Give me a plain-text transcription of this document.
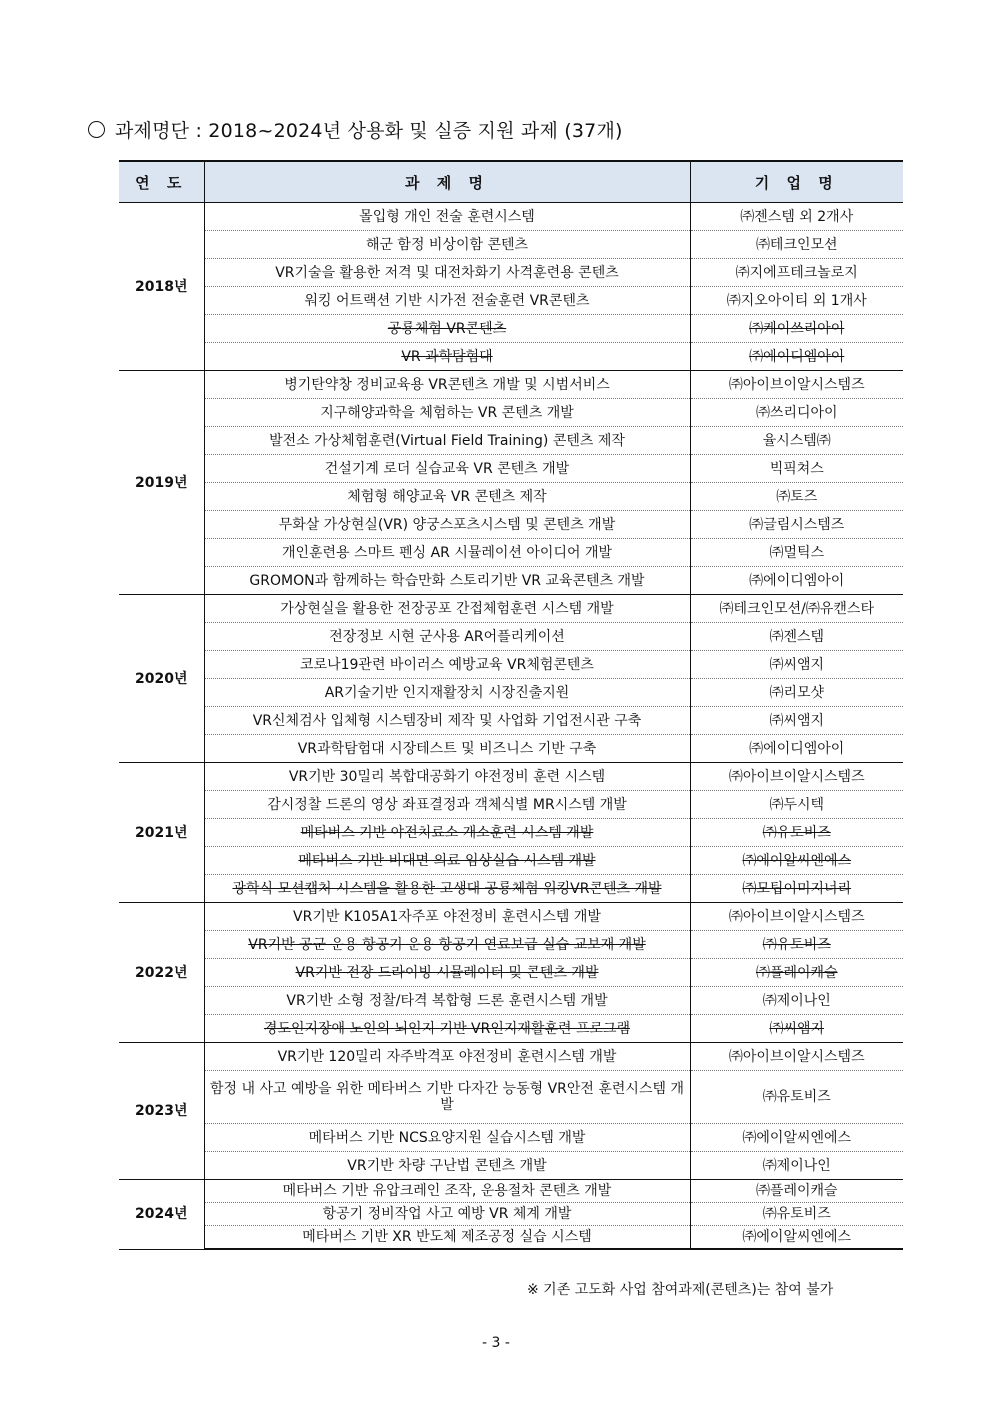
과제명단 : 2018~2024년 상용화 및 실증 지원 과제 (37개)
연 도	과 제 명	기 업 명
2018년	몰입형 개인 전술 훈련시스템	㈜젠스템 외 2개사
	해군 함정 비상이함 콘텐츠	㈜테크인모션
	VR기술을 활용한 저격 및 대전차화기 사격훈련용 콘텐츠	㈜지에프테크놀로지
	워킹 어트랙션 기반 시가전 전술훈련 VR콘텐츠	㈜지오아이티 외 1개사
	공룡체험 VR콘텐츠	㈜케이쓰리아이
	VR 과학탐험대	㈜에이디엠아이
2019년	병기탄약창 정비교육용 VR콘텐츠 개발 및 시범서비스	㈜아이브이알시스템즈
	지구해양과학을 체험하는 VR 콘텐츠 개발	㈜쓰리디아이
	발전소 가상체험훈련(Virtual Field Training) 콘텐츠 제작	율시스템㈜
	건설기계 로더 실습교육 VR 콘텐츠 개발	빅픽쳐스
	체험형 해양교육 VR 콘텐츠 제작	㈜토즈
	무화살 가상현실(VR) 양궁스포츠시스템 및 콘텐츠 개발	㈜글림시스템즈
	개인훈련용 스마트 펜싱 AR 시뮬레이션 아이디어 개발	㈜멀틱스
	GROMON과 함께하는 학습만화 스토리기반 VR 교육콘텐츠 개발	㈜에이디엠아이
2020년	가상현실을 활용한 전장공포 간접체험훈련 시스템 개발	㈜테크인모션/㈜유캔스타
	전장정보 시현 군사용 AR어플리케이션	㈜젠스템
	코로나19관련 바이러스 예방교육 VR체험콘텐츠	㈜씨앰지
	AR기술기반 인지재활장치 시장진출지원	㈜리모샷
	VR신체검사 입체형 시스템장비 제작 및 사업화 기업전시관 구축	㈜씨앰지
	VR과학탐험대 시장테스트 및 비즈니스 기반 구축	㈜에이디엠아이
2021년	VR기반 30밀리 복합대공화기 야전정비 훈련 시스템	㈜아이브이알시스템즈
	감시정찰 드론의 영상 좌표결정과 객체식별 MR시스템 개발	㈜두시텍
	메타버스 기반 야전치료소 개소훈련 시스템 개발	㈜유토비즈
	메타버스 기반 비대면 의료 임상실습 시스템 개발	㈜에이알씨엔에스
	광학식 모션캡처 시스템을 활용한 고생대 공룡체험 워킹VR콘텐츠 개발	㈜모팁이미지너리
2022년	VR기반 K105A1자주포 야전정비 훈련시스템 개발	㈜아이브이알시스템즈
	VR기반 공군 운용 항공기 운용 항공기 연료보급 실습 교보재 개발	㈜유토비즈
	VR기반 전장 드라이빙 시뮬레이터 및 콘텐츠 개발	㈜플레이캐슬
	VR기반 소형 정찰/타격 복합형 드론 훈련시스템 개발	㈜제이나인
	경도인지장애 노인의 뇌인지 기반 VR인지재활훈련 프로그램	㈜씨앰지
2023년	VR기반 120밀리 자주박격포 야전정비 훈련시스템 개발	㈜아이브이알시스템즈
	함정 내 사고 예방을 위한 메타버스 기반 다자간 능동형 VR안전 훈련시스템 개발	㈜유토비즈
	메타버스 기반 NCS요양지원 실습시스템 개발	㈜에이알씨엔에스
	VR기반 차량 구난법 콘텐츠 개발	㈜제이나인
2024년	메타버스 기반 유압크레인 조작, 운용절차 콘텐츠 개발	㈜플레이캐슬
	항공기 정비작업 사고 예방 VR 체계 개발	㈜유토비즈
	메타버스 기반 XR 반도체 제조공정 실습 시스템	㈜에이알씨엔에스
※ 기존 고도화 사업 참여과제(콘텐츠)는 참여 불가
- 3 -
